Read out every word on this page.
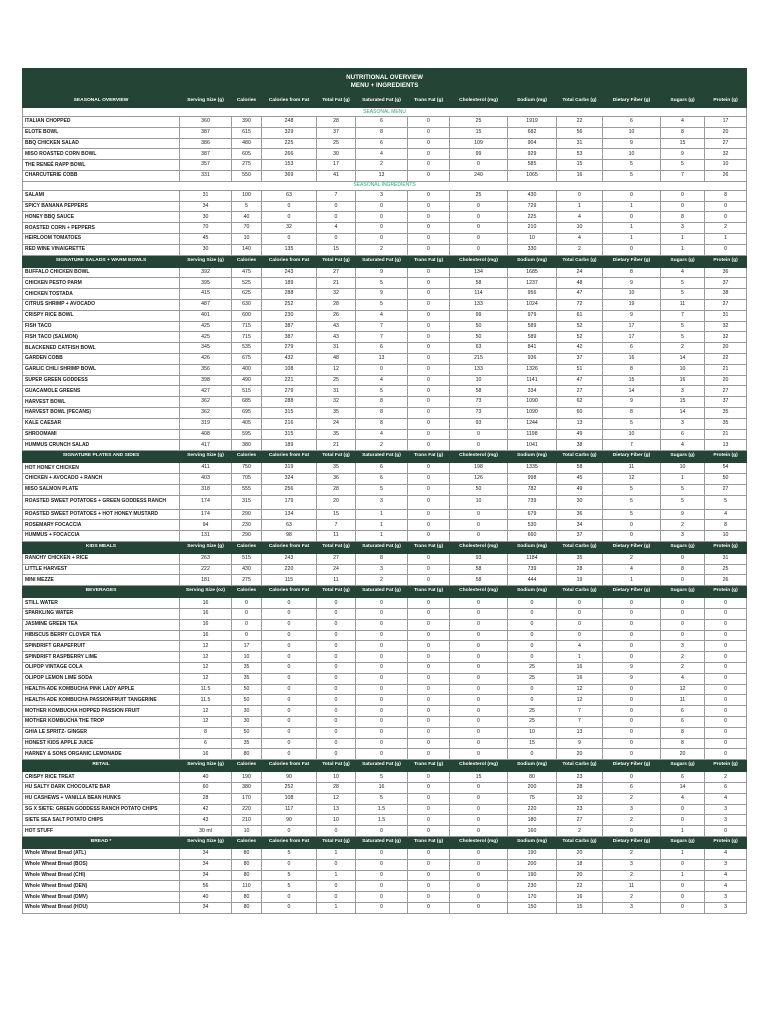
NUTRITIONAL OVERVIEW
MENU + INGREDIENTS												

SEASONAL OVERVIEW	Serving Size (g)	Calories	Calories from Fat	Total Fat (g)	Saturated Fat (g)	Trans Fat (g)	Cholesterol (mg)	Sodium (mg)	Total Carbs (g)	Dietary Fiber (g)	Sugars (g)	Protein (g)
SEASONAL MENU												
ITALIAN CHOPPED	360	390	248	28	6	0	25	1919	22	6	4	17
ELOTE BOWL	387	615	329	37	8	0	15	682	56	10	8	20
BBQ CHICKEN SALAD	386	480	225	25	6	0	109	904	31	9	15	27
MISO ROASTED CORN BOWL	387	605	266	30	4	0	99	929	53	10	9	32
THE RENEÉ RAPP BOWL	357	275	153	17	2	0	0	585	15	5	5	10
CHARCUTERIE COBB	331	550	369	41	13	0	240	1065	16	5	7	26
SEASONAL INGREDIENTS												
SALAMI	31	100	63	7	3	0	25	430	0	0	0	8
SPICY BANANA PEPPERS	34	5	0	0	0	0	0	729	1	1	0	0
HONEY BBQ SAUCE	30	40	0	0	0	0	0	225	4	0	8	0
ROASTED CORN + PEPPERS	70	70	32	4	0	0	0	210	10	1	3	2
HEIRLOOM TOMATOES	45	10	0	0	0	0	0	10	4	1	1	1
RED WINE VINAIGRETTE	30	140	135	15	2	0	0	330	2	0	1	0
SIGNATURE SALADS + WARM BOWLS	Serving Size (g)	Calories	Calories from Fat	Total Fat (g)	Saturated Fat (g)	Trans Fat (g)	Cholesterol (mg)	Sodium (mg)	Total Carbs (g)	Dietary Fiber (g)	Sugars (g)	Protein (g)
BUFFALO CHICKEN BOWL	392	475	243	27	9	0	134	1685	24	8	4	36
CHICKEN PESTO PARM	395	525	189	21	5	0	58	1237	48	9	5	37
CHICKEN TOSTADA	415	625	288	32	9	0	114	956	47	10	5	38
CITRUS SHRIMP + AVOCADO	487	630	252	28	5	0	133	1024	72	19	11	27
CRISPY RICE BOWL	401	600	230	26	4	0	99	979	61	9	7	31
FISH TACO	425	715	387	43	7	0	50	589	52	17	5	32
FISH TACO (SALMON)	425	715	387	43	7	0	50	589	52	17	5	32
BLACKENED CATFISH BOWL	345	535	279	31	6	0	63	841	42	6	2	20
GARDEN COBB	426	675	432	48	13	0	215	936	37	16	14	22
GARLIC CHILI SHRIMP BOWL	356	400	108	12	0	0	133	1326	51	8	10	21
SUPER GREEN GODDESS	398	490	221	25	4	0	10	1141	47	15	16	20
GUACAMOLE GREENS	427	515	279	31	5	0	58	334	27	14	3	27
HARVEST BOWL	362	685	288	32	8	0	73	1090	62	9	15	37
HARVEST BOWL (PECANS)	362	695	315	35	8	0	73	1090	60	8	14	35
KALE CAESAR	319	405	216	24	8	0	93	1244	13	5	3	35
SHROOMAMI	408	595	315	35	4	0	0	1198	49	10	6	21
HUMMUS CRUNCH SALAD	417	380	189	21	2	0	0	1041	38	7	4	13
SIGNATURE PLATES AND SIDES	Serving Size (g)	Calories	Calories from Fat	Total Fat (g)	Saturated Fat (g)	Trans Fat (g)	Cholesterol (mg)	Sodium (mg)	Total Carbs (g)	Dietary Fiber (g)	Sugars (g)	Protein (g)
HOT HONEY CHICKEN	411	750	319	35	6	0	198	1335	58	11	10	54
CHICKEN + AVOCADO + RANCH	403	705	324	36	6	0	126	998	45	12	1	50
MISO SALMON PLATE	318	555	256	28	5	0	50	782	49	5	5	27
ROASTED SWEET POTATOES + GREEN GODDESS RANCH	174	315	179	20	3	0	10	739	30	5	5	5
ROASTED SWEET POTATOES + HOT HONEY MUSTARD	174	290	134	15	1	0	0	679	36	5	9	4
ROSEMARY FOCACCIA	94	230	63	7	1	0	0	530	34	0	2	8
HUMMUS + FOCACCIA	131	290	98	11	1	0	0	660	37	0	3	10
KIDS MEALS	Serving Size (g)	Calories	Calories from Fat	Total Fat (g)	Saturated Fat (g)	Trans Fat (g)	Cholesterol (mg)	Sodium (mg)	Total Carbs (g)	Dietary Fiber (g)	Sugars (g)	Protein (g)
RANCHY CHICKEN + RICE	263	515	243	27	8	0	93	1184	35	2	0	31
LITTLE HARVEST	222	430	220	24	3	0	58	739	28	4	8	25
MINI MEZZE	181	275	115	11	2	0	58	444	19	1	0	26
BEVERAGES	Serving Size (oz)	Calories	Calories from Fat	Total Fat (g)	Saturated Fat (g)	Trans Fat (g)	Cholesterol (mg)	Sodium (mg)	Total Carbs (g)	Dietary Fiber (g)	Sugars (g)	Protein (g)
STILL WATER	16	0	0	0	0	0	0	0	0	0	0	0
SPARKLING WATER	16	0	0	0	0	0	0	0	0	0	0	0
JASMINE GREEN TEA	16	0	0	0	0	0	0	0	0	0	0	0
HIBISCUS BERRY CLOVER TEA	16	0	0	0	0	0	0	0	0	0	0	0
SPINDRIFT GRAPEFRUIT	12	17	0	0	0	0	0	0	4	0	3	0
SPINDRIFT RASPBERRY LIME	12	10	0	0	0	0	0	0	1	0	2	0
OLIPOP VINTAGE COLA	12	35	0	0	0	0	0	25	16	9	2	0
OLIPOP LEMON LIME SODA	12	35	0	0	0	0	0	25	16	9	4	0
HEALTH-ADE KOMBUCHA PINK LADY APPLE	11.5	50	0	0	0	0	0	0	12	0	12	0
HEALTH-ADE KOMBUCHA PASSIONFRUIT TANGERINE	11.5	50	0	0	0	0	0	0	12	0	11	0
MOTHER KOMBUCHA HOPPED PASSION FRUIT	12	30	0	0	0	0	0	25	7	0	6	0
MOTHER KOMBUCHA THE TROP	12	30	0	0	0	0	0	25	7	0	6	0
GHIA LE SPRITZ- GINGER	8	50	0	0	0	0	0	10	13	0	8	0
HONEST KIDS APPLE JUICE	6	35	0	0	0	0	0	15	9	0	8	0
HARNEY & SONS ORGANIC LEMONADE	16	80	0	0	0	0	0	0	20	0	20	0
RETAIL	Serving Size (g)	Calories	Calories from Fat	Total Fat (g)	Saturated Fat (g)	Trans Fat (g)	Cholesterol (mg)	Sodium (mg)	Total Carbs (g)	Dietary Fiber (g)	Sugars (g)	Protein (g)
CRISPY RICE TREAT	40	190	90	10	5	0	15	80	23	0	6	2
HU SALTY DARK CHOCOLATE BAR	60	380	252	28	16	0	0	200	28	6	14	6
HU CASHEWS + VANILLA BEAN HUNKS	28	170	108	12	5	0	0	75	10	2	4	4
SG X SIETE: GREEN GODDESS RANCH POTATO CHIPS	42	220	117	13	1.5	0	0	220	23	3	0	3
SIETE SEA SALT POTATO CHIPS	43	210	90	10	1.5	0	0	180	27	2	0	3
HOT STUFF	30 ml	10	0	0	0	0	0	160	2	0	1	0
BREAD *	Serving Size (g)	Calories	Calories from Fat	Total Fat (g)	Saturated Fat (g)	Trans Fat (g)	Cholesterol (mg)	Sodium (mg)	Total Carbs (g)	Dietary Fiber (g)	Sugars (g)	Protein (g)
Whole Wheat Bread (ATL)	34	80	5	1	0	0	0	190	20	2	1	4
Whole Wheat Bread (BOS)	34	80	0	0	0	0	0	200	18	3	0	3
Whole Wheat Bread (CHI)	34	80	5	1	0	0	0	190	20	2	1	4
Whole Wheat Bread (DEN)	56	110	5	0	0	0	0	230	22	11	0	4
Whole Wheat Bread (DMV)	40	80	0	0	0	0	0	170	16	2	0	3
Whole Wheat Bread (HOU)	34	80	0	1	0	0	0	150	15	3	0	3
